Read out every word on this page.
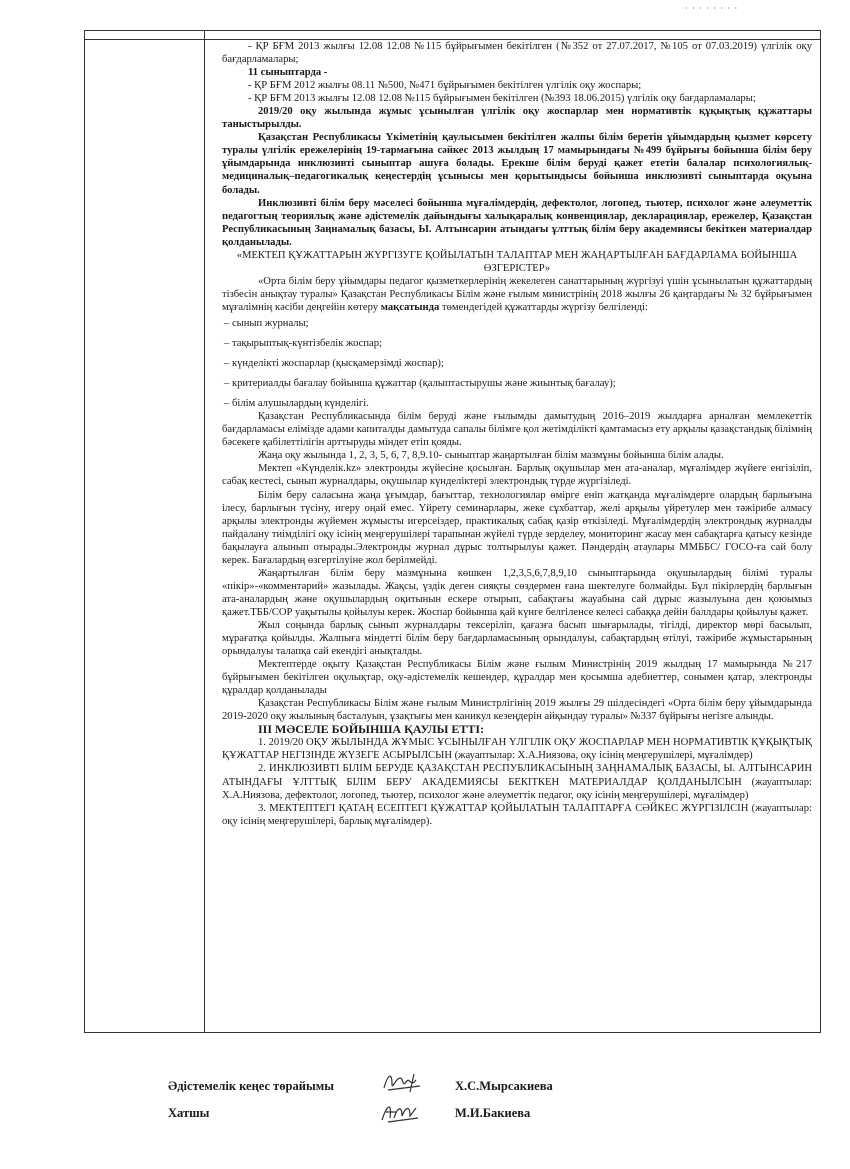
· · · · · · · ·

- ҚР БҒМ 2013 жылғы 12.08 12.08 №115 бұйрығымен бекітілген (№352 от 27.07.2017, №105 от 07.03.2019) үлгілік оқу бағдарламалары;

11 сыныптарда -

- ҚР БҒМ 2012 жылғы 08.11 №500, №471 бұйрығымен бекітілген үлгілік оқу жоспары;

- ҚР БҒМ 2013 жылғы 12.08 12.08 №115 бұйрығымен бекітілген (№393 18.06.2015) үлгілік оқу бағдарламалары;

2019/20 оқу жылында жұмыс ұсынылған үлгілік оқу жоспарлар мен нормативтік құқықтық құжаттары таныстырылды.

Қазақстан Республикасы Үкіметінің қаулысымен бекітілген жалпы білім беретін ұйымдардың қызмет көрсету туралы үлгілік ережелерінің 19-тармағына сәйкес 2013 жылдың 17 мамырындағы №499 бұйрығы бойынша білім беру ұйымдарында инклюзивті сыныптар ашуға болады. Ерекше білім беруді қажет ететін балалар психологиялық-медициналық–педагогикалық кеңестердің ұсынысы мен қорытындысы бойынша инклюзивті сыныптарда оқуына болады.

Инклюзивті білім беру мәселесі бойынша мұғалімдердің, дефектолог, логопед, тьютер, психолог және әлеуметтік педагогтың теориялық және әдістемелік дайындығы халықаралық конвенциялар, декларациялар, ережелер, Қазақстан Республикасының Заңнамалық базасы, Ы. Алтынсарин атындағы ұлттық білім беру академиясы бекіткен материалдар қолданылады.

«МЕКТЕП ҚҰЖАТТАРЫН ЖҮРГІЗУГЕ ҚОЙЫЛАТЫН ТАЛАПТАР МЕН ЖАҢАРТЫЛҒАН БАҒДАРЛАМА БОЙЫНША ӨЗГЕРІСТЕР»

«Орта білім беру ұйымдары педагог қызметкерлерінің жекелеген санаттарының жүргізуі үшін ұсынылатын құжаттардың тізбесін анықтау туралы» Қазақстан Республикасы Білім және ғылым министрінің 2018 жылғы 26 қаңтардағы № 32 бұйрығымен мұғалімнің кәсіби деңгейін көтеру мақсатында төмендегідей құжаттарды жүргізу белгіленді:

– сынып журналы;

– тақырыптық-күнтізбелік жоспар;

– күнделікті жоспарлар (қысқамерзімді жоспар);

– критериалды бағалау бойынша құжаттар (қалыптастырушы және жиынтық бағалау);

– білім алушылардың күнделігі.

Қазақстан Республикасында білім беруді және ғылымды дамытудың 2016–2019 жылдарға арналған мемлекеттік бағдарламасы елімізде адами капиталды дамытуда сапалы білімге қол жетімділікті қамтамасыз ету арқылы қазақстандық білімнің бәсекеге қабілеттілігін арттыруды міндет етіп қояды.

Жаңа оқу жылында 1, 2, 3, 5, 6, 7, 8,9.10- сыныптар жаңартылған білім мазмұны бойынша білім алады.

Мектеп «Kүнделік.kz» электронды жүйесіне қосылған. Барлық оқушылар мен ата-аналар, мұғалімдер жүйеге енгізіліп, сабақ кестесі, сынып журналдары, оқушылар күнделіктері электрондық түрде жүргізіледі.

Білім беру саласына жаңа ұғымдар, бағыттар, технологиялар өмірге еніп жатқанда мұғалімдерге олардың барлығына ілесу, барлығын түсіну, игеру оңай емес. Үйрету семинарлары, жеке сұхбаттар, желі арқылы үйретулер мен тәжірибе алмасу арқылы электронды жүйемен жұмысты игерсеіздер, практикалық сабақ қазір өткізіледі. Мұғалімдердің электрондық журналды пайдалану тиімділігі оқу ісінің меңгерушілері тарапынан жүйелі түрде зерделеу, мониторинг жасау мен сабақтарға қатысу кезінде бақылауға алынып отырады.Электронды журнал дұрыс толтырылуы қажет. Пәндердің атаулары ММББС/ ГОСО-ға сай болу керек. Бағалардың өзгертілуіне жол берілмейді.

Жаңартылған білім беру мазмұнына көшкен 1,2,3,5,6,7,8,9,10 сыныптарында оқушылардың білімі туралы «пікір»-«комментарий» жазылады. Жақсы, үздік деген сияқты сөздермен ғана шектелуге болмайды. Бұл пікірлердің барлығын ата-аналардың және оқушылардың оқитынын ескере отырып, сабақтағы жауабына сай дұрыс жазылуына ден қоюымыз қажет.ТББ/СОР уақытылы қойылуы керек. Жоспар бойынша қай күнге белгіленсе келесі сабаққа дейін баллдары қойылуы қажет.

Жыл соңында барлық сынып журналдары тексеріліп, қағазға басып шығарылады, тігілді, директор мөрі басылып, мұрағатқа қойылды. Жалпыға міндетті білім беру бағдарламасының орындалуы, сабақтардың өтілуі, тәжірибе жұмыстарының орындалуы талапқа сай екендігі анықталды.

Мектептерде оқыту Қазақстан Республикасы Білім және ғылым Министрінің 2019 жылдың 17 мамырында №217 бұйрығымен бекітілген оқулықтар, оқу-әдістемелік кешендер, құралдар мен қосымша әдебиеттер, сонымен қатар, электронды құралдар қолданылады

Қазақстан Республикасы Білім және ғылым Министрлігінің 2019 жылғы 29 шілдесіндегі «Орта білім беру ұйымдарында 2019-2020 оқу жылының басталуын, ұзақтығы мен каникул кезеңдерін айқындау туралы» №337 бұйрығы негізге алынды.

III МӘСЕЛЕ БОЙЫНША ҚАУЛЫ ЕТТІ:

1. 2019/20 ОҚУ ЖЫЛЫНДА ЖҰМЫС ҰСЫНЫЛҒАН ҮЛГІЛІК ОҚУ ЖОСПАРЛАР МЕН НОРМАТИВТІК ҚҰҚЫҚТЫҚ ҚҰЖАТТАР НЕГІЗІНДЕ ЖҮЗЕГЕ АСЫРЫЛСЫН (жауаптылар: Х.А.Ниязова, оқу ісінің меңгерушілері, мұғалімдер)

2. ИНКЛЮЗИВТІ БІЛІМ БЕРУДЕ ҚАЗАҚСТАН РЕСПУБЛИКАСЫНЫҢ ЗАҢНАМАЛЫҚ БАЗАСЫ, Ы. АЛТЫНСАРИН АТЫНДАҒЫ ҰЛТТЫҚ БІЛІМ БЕРУ АКАДЕМИЯСЫ БЕКІТКЕН МАТЕРИАЛДАР ҚОЛДАНЫЛСЫН (жауаптылар: Х.А.Ниязова, дефектолог, логопед, тьютер, психолог және әлеуметтік педагог, оқу ісінің меңгерушілері, мұғалімдер)

3. МЕКТЕПТЕГІ ҚАТАҢ ЕСЕПТЕГІ ҚҰЖАТТАР ҚОЙЫЛАТЫН ТАЛАПТАРҒА СӘЙКЕС ЖҮРГІЗІЛСІН (жауаптылар: оқу ісінің меңгерушілері, барлық мұғалімдер).

Әдістемелік кеңес төрайымы	Х.С.Мырсакиева
Хатшы	М.И.Бакиева
